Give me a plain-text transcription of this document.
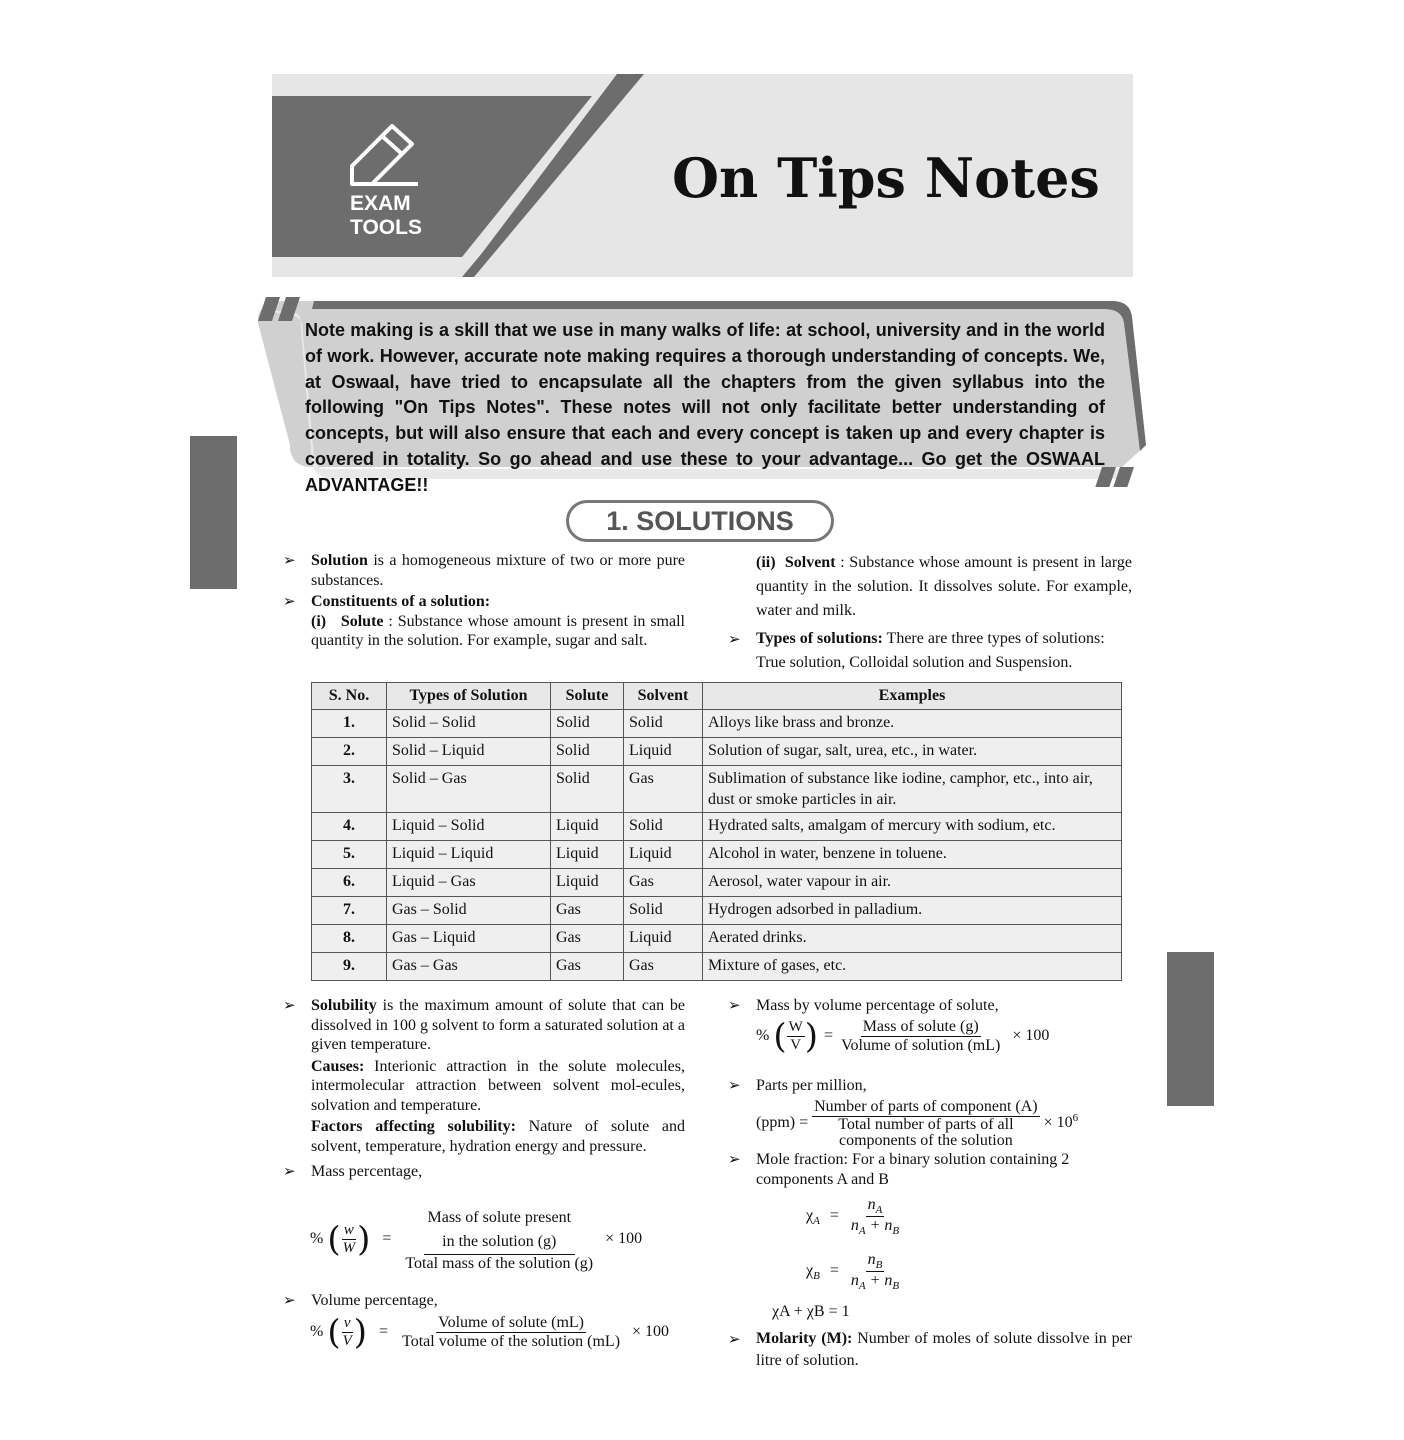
EXAM
TOOLS
On Tips Notes
Note making is a skill that we use in many walks of life: at school, university and in the world of work. However, accurate note making requires a thorough understanding of concepts. We, at Oswaal, have tried to encapsulate all the chapters from the given syllabus into the following "On Tips Notes". These notes will not only facilitate better understanding of concepts, but will also ensure that each and every concept is taken up and every chapter is covered in totality. So go ahead and use these to your advantage... Go get the OSWAAL ADVANTAGE!!
1. SOLUTIONS
➢ Solution is a homogeneous mixture of two or more pure substances.
➢ Constituents of a solution:
(i)   Solute : Substance whose amount is present in small quantity in the solution. For example, sugar and salt.
(ii)  Solvent : Substance whose amount is present in large quantity in the solution. It dissolves solute. For example, water and milk.
➢ Types of solutions: There are three types of solutions: True solution, Colloidal solution and Suspension.
S. No.	Types of Solution	Solute	Solvent	Examples
1.	Solid – Solid	Solid	Solid	Alloys like brass and bronze.
2.	Solid – Liquid	Solid	Liquid	Solution of sugar, salt, urea, etc., in water.
3.	Solid – Gas	Solid	Gas	Sublimation of substance like iodine, camphor, etc., into air, dust or smoke particles in air.
4.	Liquid – Solid	Liquid	Solid	Hydrated salts, amalgam of mercury with sodium, etc.
5.	Liquid – Liquid	Liquid	Liquid	Alcohol in water, benzene in toluene.
6.	Liquid – Gas	Liquid	Gas	Aerosol, water vapour in air.
7.	Gas – Solid	Gas	Solid	Hydrogen adsorbed in palladium.
8.	Gas – Liquid	Gas	Liquid	Aerated drinks.
9.	Gas – Gas	Gas	Gas	Mixture of gases, etc.
➢ Solubility is the maximum amount of solute that can be dissolved in 100 g solvent to form a saturated solution at a given temperature.
Causes: Interionic attraction in the solute molecules, intermolecular attraction between solvent mol-ecules, solvation and temperature.
Factors affecting solubility: Nature of solute and solvent, temperature, hydration energy and pressure.
➢ Mass percentage,
% ( $\frac{w}{W}$ ) =
Mass of solute present
in the solution (g)
Total mass of the solution (g)
× 100
➢ Volume percentage,
% ( $\frac{v}{V}$ ) = $\frac{\text{Volume of solute (mL)}}{\text{Total volume of the solution (mL)}} \times 100$
➢ Mass by volume percentage of solute,
% ( $\frac{W}{V}$ ) = $\frac{\text{Mass of solute (g)}}{\text{Volume of solution (mL)}} \times 100$
➢ Parts per million,
(ppm) =
Number of parts of component (A)
Total number of parts of all
components of the solution
× $10^6$
➢ Mole fraction: For a binary solution containing 2 components A and B
$\chi_A = \frac{n_A}{n_A + n_B}$
$\chi_B = \frac{n_B}{n_A + n_B}$
χA + χB = 1
➢ Molarity (M): Number of moles of solute dissolve in per litre of solution.
